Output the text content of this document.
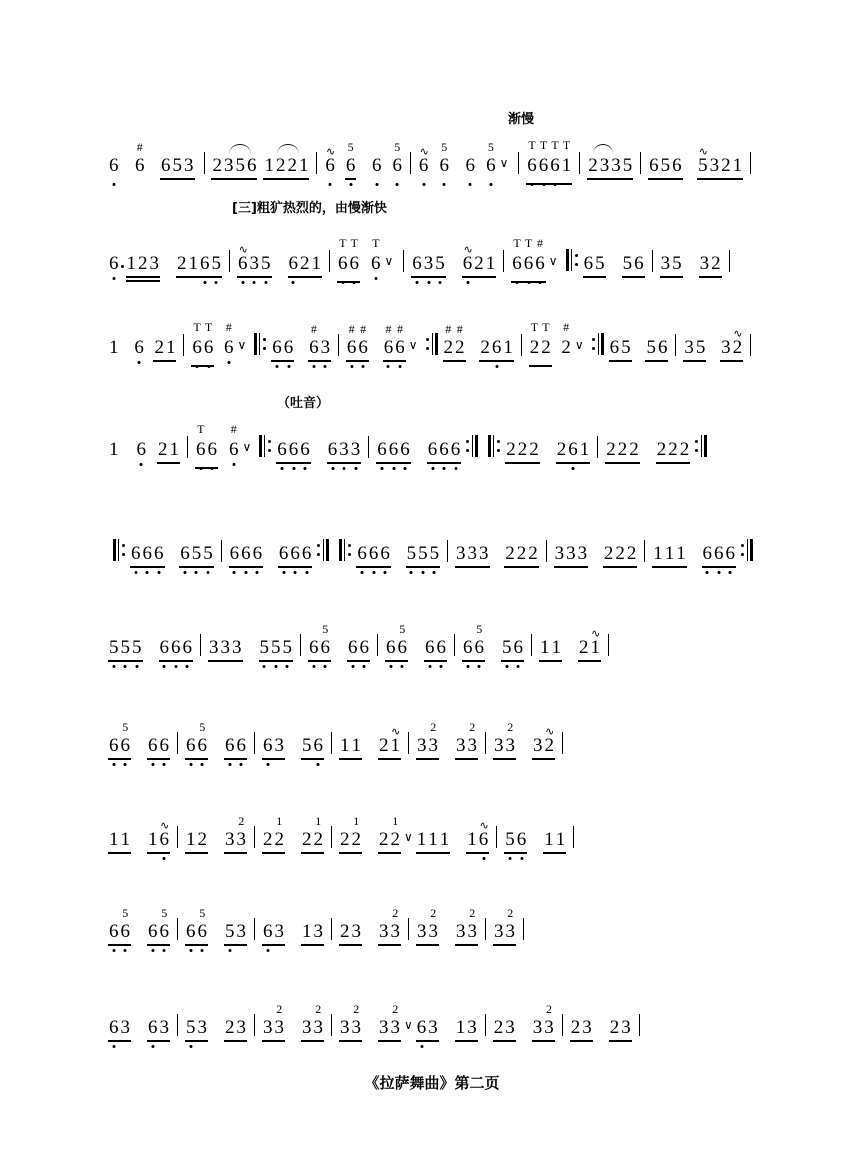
渐慢
[三]粗犷热烈的，由慢渐快
（吐音）
6 6
#
6 5 3 2 3 5 6 1 2 2 1 6
∿
6
5
6 6
5
6
∿
6
5
6 6
5
∨ 6
T
6
T
6
T
1
T
2 3 3 5 6 5 6 5
∿
3 2 1
6 1 2 3 2 1 6 5 6
∿
3 5 6 2 1 6
T
6
T
6
T
∨ 6 3 5 6
∿
2 1 6
T
6
T
6
#
∨ 6 5 5 6 3 5 3 2
1 6 2 1 6
T
6
T
6
#
∨ 6 6 6
#
3 6
#
6
#
6
#
6
#
∨ 2
#
2
#
2 6 1 2
T
2
T
2
#
∨ 6 5 5 6 3 5 3 2
∿
1 6 2 1 6
T
6 6
#
∨ 6 6 6 6 3 3 6 6 6 6 6 6 2 2 2 2 6 1 2 2 2 2 2 2
6 6 6 6 5 5 6 6 6 6 6 6 6 6 6 5 5 5 3 3 3 2 2 2 3 3 3 2 2 2 1 1 1 6 6 6
5 5 5 6 6 6 3 3 3 5 5 5 6 6
5
6 6 6 6
5
6 6 6 6
5
5 6 1 1 2 1
∿
6 6
5
6 6 6 6
5
6 6 6 3 5 6 1 1 2 1
∿
3 3
2
3 3
2
3 3
2
3 2
∿
1 1 1 6
∿
1 2 3 3
2
2 2
1
2 2
1
2 2
1
2 2
1
∨ 1 1 1 1 6
∿
5 6 1 1
6 6
5
6 6
5
6 6
5
5 3 6 3 1 3 2 3 3 3
2
3 3
2
3 3
2
3 3
2
6 3 6 3 5 3 2 3 3 3
2
3 3
2
3 3
2
3 3
2
∨ 6 3 1 3 2 3 3 3
2
2 3 2 3
《拉萨舞曲》第二页
